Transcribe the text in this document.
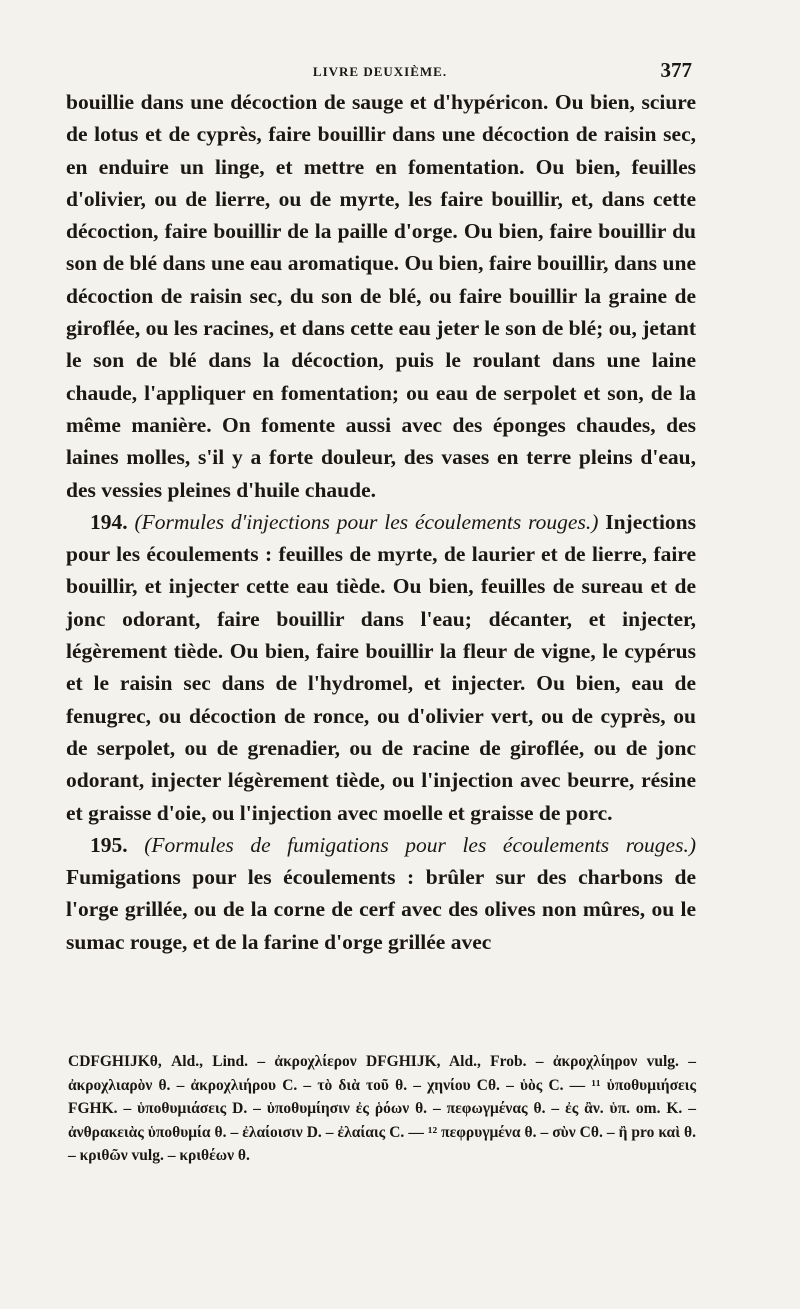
LIVRE DEUXIÈME.	377

bouillie dans une décoction de sauge et d'hypéricon. Ou bien, sciure de lotus et de cyprès, faire bouillir dans une décoction de raisin sec, en enduire un linge, et mettre en fomentation. Ou bien, feuilles d'olivier, ou de lierre, ou de myrte, les faire bouillir, et, dans cette décoction, faire bouillir de la paille d'orge. Ou bien, faire bouillir du son de blé dans une eau aromatique. Ou bien, faire bouillir, dans une décoction de raisin sec, du son de blé, ou faire bouillir la graine de giroflée, ou les racines, et dans cette eau jeter le son de blé; ou, jetant le son de blé dans la décoction, puis le roulant dans une laine chaude, l'appliquer en fomentation; ou eau de serpolet et son, de la même manière. On fomente aussi avec des éponges chaudes, des laines molles, s'il y a forte douleur, des vases en terre pleins d'eau, des vessies pleines d'huile chaude.

194. (Formules d'injections pour les écoulements rouges.) Injections pour les écoulements : feuilles de myrte, de laurier et de lierre, faire bouillir, et injecter cette eau tiède. Ou bien, feuilles de sureau et de jonc odorant, faire bouillir dans l'eau; décanter, et injecter, légèrement tiède. Ou bien, faire bouillir la fleur de vigne, le cypérus et le raisin sec dans de l'hydromel, et injecter. Ou bien, eau de fenugrec, ou décoction de ronce, ou d'olivier vert, ou de cyprès, ou de serpolet, ou de grenadier, ou de racine de giroflée, ou de jonc odorant, injecter légèrement tiède, ou l'injection avec beurre, résine et graisse d'oie, ou l'injection avec moelle et graisse de porc.

195. (Formules de fumigations pour les écoulements rouges.) Fumigations pour les écoulements : brûler sur des charbons de l'orge grillée, ou de la corne de cerf avec des olives non mûres, ou le sumac rouge, et de la farine d'orge grillée avec

CDFGHIJKθ, Ald., Lind. – ἀκροχλίερον DFGHIJK, Ald., Frob. – ἀκροχλίηρον vulg. – ἀκροχλιαρὸν θ. – ἀκροχλιήρου C. – τὸ διὰ τοῦ θ. – χηνίου Cθ. – ὑὸς C. — ¹¹ ὑποθυμιήσεις FGHK. – ὑποθυμιάσεις D. – ὑποθυμίησιν ἐς ῥόων θ. – πεφωγμένας θ. – ἐς ἂν. ὑπ. om. K. – ἀνθρακειὰς ὑποθυμία θ. – ἐλαίοισιν D. – ἐλαίαις C. — ¹² πεφρυγμένα θ. – σὺν Cθ. – ἢ pro καὶ θ. – κριθῶν vulg. – κριθέων θ.
